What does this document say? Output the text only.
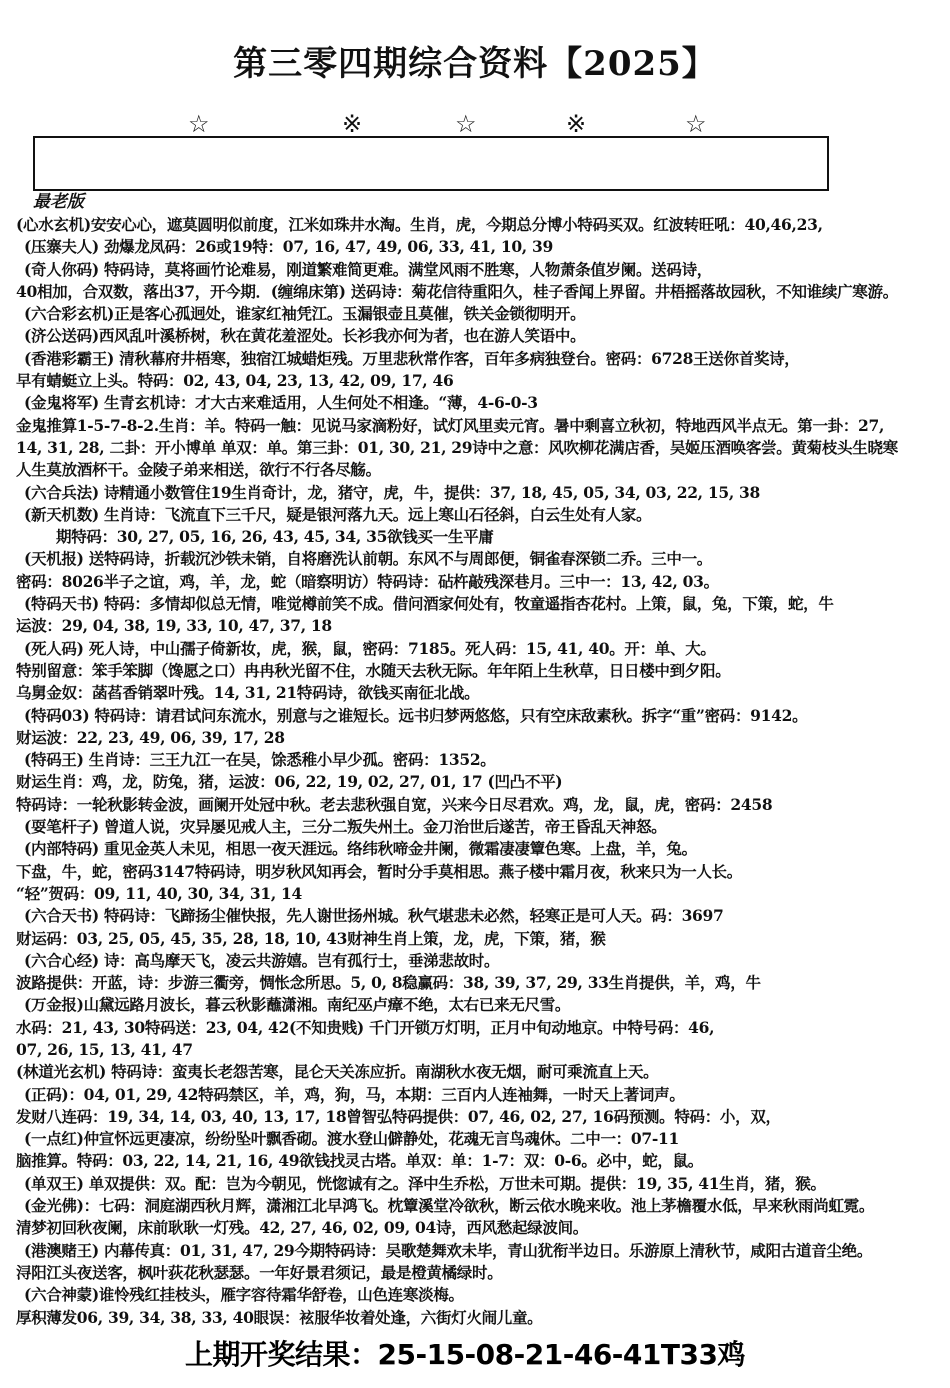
第三零四期综合资料【2025】
☆	※	☆	※	☆
最老版
(心水玄机)安安心心，遮莫圆明似前度，江米如珠井水淘。生肖，虎，今期总分博小特码买双。红波转旺吼：40,46,23,
(压寨夫人) 劲爆龙凤码：26或19特：07, 16, 47, 49, 06, 33, 41, 10, 39
(奇人你码) 特码诗，莫将画竹论难易，刚道繁难简更难。满堂风雨不胜寒，人物萧条值岁阑。送码诗，
40相加，合双数，落出37，开今期．(缠绵床第) 送码诗：菊花信待重阳久，桂子香闻上界留。井梧摇落故园秋，不知谁续广寒游。
(六合彩玄机)正是客心孤迥处，谁家红袖凭江。玉漏银壶且莫催，铁关金锁彻明开。
(济公送码)西风乱叶溪桥树，秋在黄花羞涩处。长衫我亦何为者，也在游人笑语中。
(香港彩霸王) 清秋幕府井梧寒，独宿江城蜡炬残。万里悲秋常作客，百年多病独登台。密码：6728王送你首奖诗，
早有蜻蜓立上头。特码：02, 43, 04, 23, 13, 42, 09, 17, 46
(金鬼将军) 生青玄机诗：才大古来难适用，人生何处不相逢。“薄，4-6-0-3
金鬼推算1-5-7-8-2.生肖：羊。特码一触：见说马家滴粉好，试灯风里卖元宵。暑中剩喜立秋初，特地西风半点无。第一卦：27,
14, 31, 28, 二卦：开小博单 单双：单。第三卦：01, 30, 21, 29诗中之意：风吹柳花满店香，吴姬压酒唤客尝。黄菊枝头生晓寒
人生莫放酒杯干。金陵子弟来相送，欲行不行各尽觞。
(六合兵法) 诗精通小数管住19生肖奇计，龙，猪守，虎，牛，提供：37, 18, 45, 05, 34, 03, 22, 15, 38
(新天机数) 生肖诗：飞流直下三千尺，疑是银河落九天。远上寒山石径斜，白云生处有人家。
期特码：30, 27, 05, 16, 26, 43, 45, 34, 35欲钱买一生平庸
(天机报) 送特码诗，折载沉沙铁未销，自将磨洗认前朝。东风不与周郎便，铜雀春深锁二乔。三中一。
密码：8026半子之谊，鸡，羊，龙，蛇（暗察明访）特码诗：砧杵敲残深巷月。三中一：13, 42, 03。
(特码天书) 特码：多情却似总无情，唯觉樽前笑不成。借问酒家何处有，牧童遥指杏花村。上策，鼠，兔，下策，蛇，牛
运波：29, 04, 38, 19, 33, 10, 47, 37, 18
(死人码) 死人诗，中山孺子倚新妆，虎，猴，鼠，密码：7185。死人码：15, 41, 40。开：单、大。
特别留意：笨手笨脚（馋愿之口）冉冉秋光留不住，水随天去秋无际。年年陌上生秋草，日日楼中到夕阳。
乌舅金奴：菡萏香销翠叶残。14, 31, 21特码诗，欲钱买南征北战。
(特码03) 特码诗：请君试问东流水，别意与之谁短长。远书归梦两悠悠，只有空床敌素秋。拆字“重”密码：9142。
财运波：22, 23, 49, 06, 39, 17, 28
(特码王) 生肖诗：三王九江一在吴，馀悉稚小早少孤。密码：1352。
财运生肖：鸡，龙，防兔，猪，运波：06, 22, 19, 02, 27, 01, 17 (凹凸不平)
特码诗：一轮秋影转金波，画阑开处冠中秋。老去悲秋强自宽，兴来今日尽君欢。鸡，龙，鼠，虎，密码：2458
(耍笔杆子) 曾道人说，灾异屡见戒人主，三分二叛失州土。金刀治世后遂苦，帝王昏乱天神怒。
(内部特码) 重见金英人未见，相思一夜天涯远。络纬秋啼金井阑，微霜凄凄簟色寒。上盘，羊，兔。
下盘，牛，蛇，密码3147特码诗，明岁秋风知再会，暂时分手莫相思。燕子楼中霜月夜，秋来只为一人长。
“轻”贺码：09, 11, 40, 30, 34, 31, 14
(六合天书) 特码诗：飞蹄扬尘催快报，先人谢世扬州城。秋气堪悲未必然，轻寒正是可人天。码：3697
财运码：03, 25, 05, 45, 35, 28, 18, 10, 43财神生肖上策，龙，虎，下策，猪，猴
(六合心经) 诗：高鸟摩天飞，凌云共游嬉。岂有孤行士，垂涕悲故时。
波路提供：开蓝，诗：步游三衢旁，惆怅念所思。5, 0, 8稳赢码：38, 39, 37, 29, 33生肖提供，羊，鸡，牛
(万金报)山黛远路月波长，暮云秋影蘸潇湘。南纪巫卢瘴不绝，太右已来无尺雪。
水码：21, 43, 30特码送：23, 04, 42(不知贵贱) 千门开锁万灯明，正月中旬动地京。中特号码：46,
07, 26, 15, 13, 41, 47
(林道光玄机) 特码诗：蛮夷长老怨苦寒，昆仑天关冻应折。南湖秋水夜无烟，耐可乘流直上天。
(正码)：04, 01, 29, 42特码禁区，羊，鸡，狗，马，本期：三百内人连袖舞，一时天上著词声。
发财八连码：19, 34, 14, 03, 40, 13, 17, 18曾智弘特码提供：07, 46, 02, 27, 16码预测。特码：小，双，
(一点红)仲宣怀远更凄凉，纷纷坠叶飘香砌。渡水登山僻静处，花魂无言鸟魂休。二中一：07-11
脑推算。特码：03, 22, 14, 21, 16, 49欲钱找灵古塔。单双：单：1-7：双：0-6。必中，蛇，鼠。
(单双王) 单双提供：双。配：岂为今朝见，恍惚诚有之。泽中生乔松，万世未可期。提供：19, 35, 41生肖，猪，猴。
(金光佛)：七码：洞庭湖西秋月辉，潇湘江北早鸿飞。枕簟溪堂冷欲秋，断云依水晚来收。池上茅檐覆水低，早来秋雨尚虹霓。
清梦初回秋夜阑，床前耿耿一灯残。42, 27, 46, 02, 09, 04诗，西风愁起绿波间。
(港澳赌王) 内幕传真：01, 31, 47, 29今期特码诗：吴歌楚舞欢未毕，青山犹衔半边日。乐游原上清秋节，咸阳古道音尘绝。
浔阳江头夜送客，枫叶荻花秋瑟瑟。一年好景君须记，最是橙黄橘绿时。
(六合神蒙)谁怜残红挂枝头，雁字容待霜华舒卷，山色连寒淡梅。
厚积薄发06, 39, 34, 38, 33, 40眼误：袨服华妆着处逢，六街灯火闹儿童。
上期开奖结果：25-15-08-21-46-41T33鸡
